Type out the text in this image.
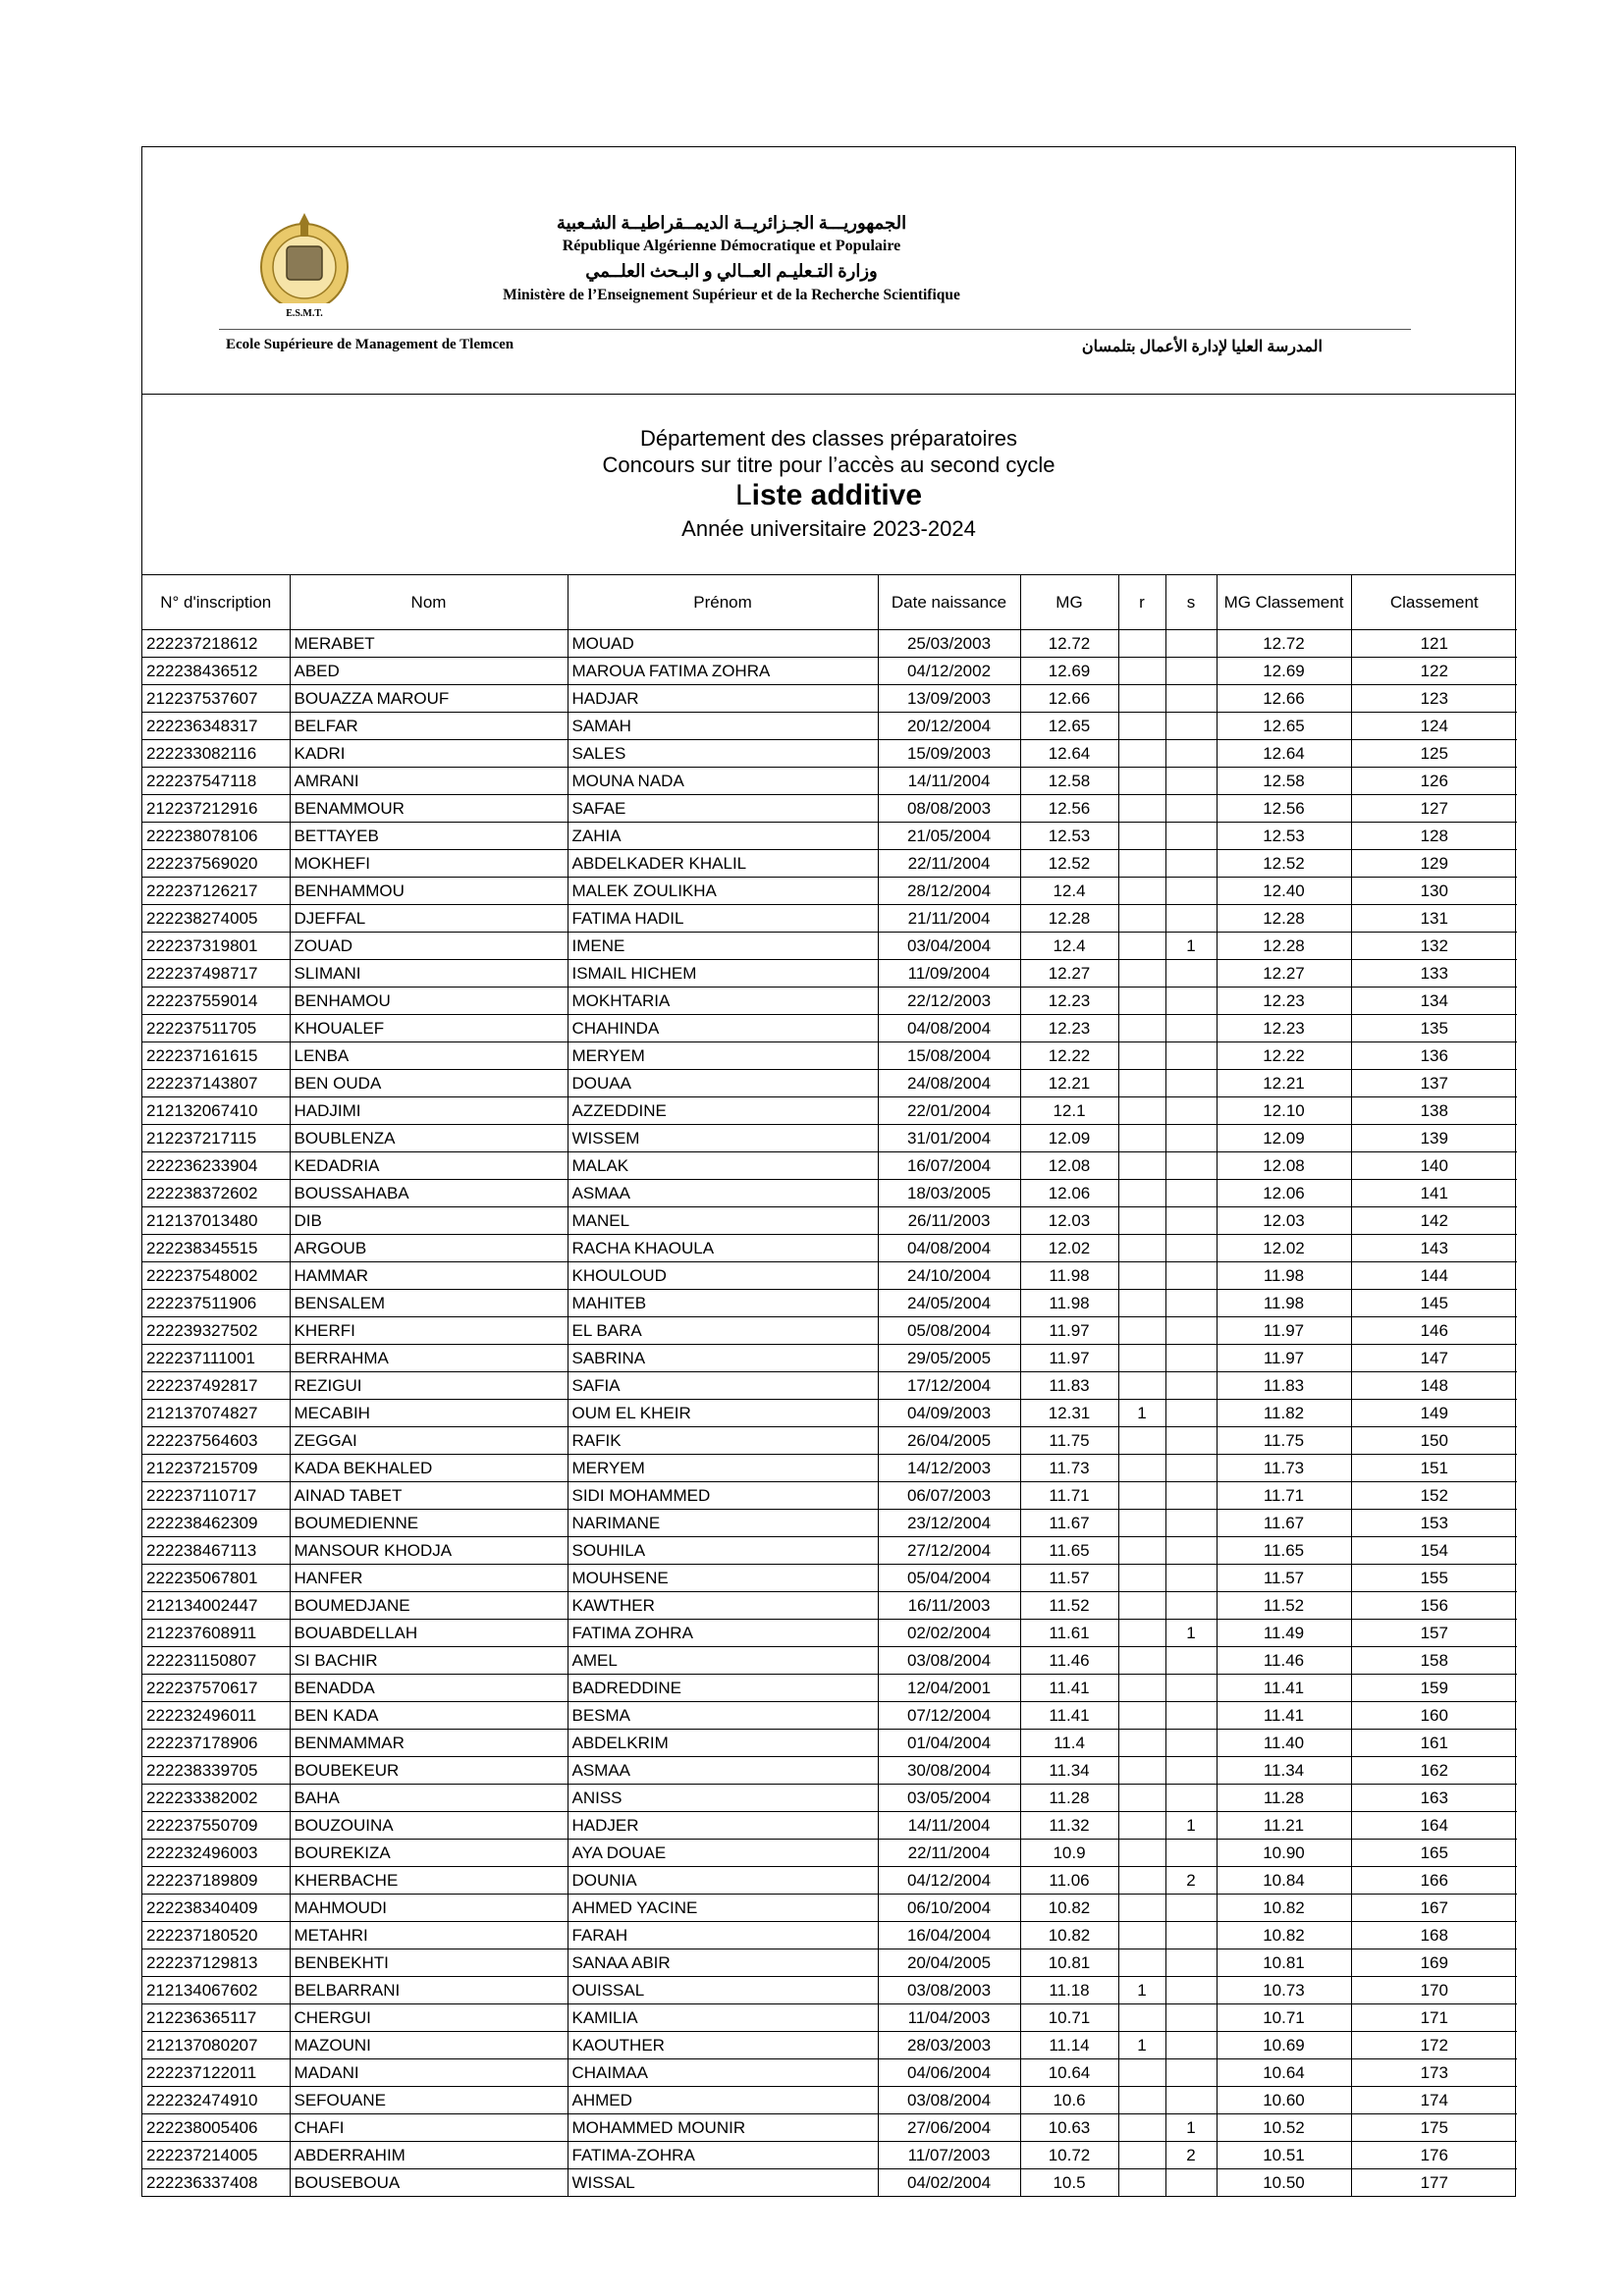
E.S.M.T.
الجمهوريـــة الجـزائريــة الديمــقراطيــة الشـعبية
République Algérienne Démocratique et Populaire
وزارة التـعليـم العــالي و البـحث العلــمي
Ministère de l’Enseignement Supérieur et de la Recherche Scientifique
Ecole Supérieure de Management de Tlemcen	المدرسة العليا لإدارة الأعمال بتلمسان
Département des classes préparatoires
Concours sur titre pour l’accès au second cycle
Liste additive
Année universitaire 2023-2024
N° d'inscription	Nom	Prénom	Date naissance	MG	r	s	MG Classement	Classement
222237218612	MERABET	MOUAD	25/03/2003	12.72			12.72	121
222238436512	ABED	MAROUA FATIMA ZOHRA	04/12/2002	12.69			12.69	122
212237537607	BOUAZZA MAROUF	HADJAR	13/09/2003	12.66			12.66	123
222236348317	BELFAR	SAMAH	20/12/2004	12.65			12.65	124
222233082116	KADRI	SALES	15/09/2003	12.64			12.64	125
222237547118	AMRANI	MOUNA NADA	14/11/2004	12.58			12.58	126
212237212916	BENAMMOUR	SAFAE	08/08/2003	12.56			12.56	127
222238078106	BETTAYEB	ZAHIA	21/05/2004	12.53			12.53	128
222237569020	MOKHEFI	ABDELKADER KHALIL	22/11/2004	12.52			12.52	129
222237126217	BENHAMMOU	MALEK ZOULIKHA	28/12/2004	12.4			12.40	130
222238274005	DJEFFAL	FATIMA HADIL	21/11/2004	12.28			12.28	131
222237319801	ZOUAD	IMENE	03/04/2004	12.4		1	12.28	132
222237498717	SLIMANI	ISMAIL HICHEM	11/09/2004	12.27			12.27	133
222237559014	BENHAMOU	MOKHTARIA	22/12/2003	12.23			12.23	134
222237511705	KHOUALEF	CHAHINDA	04/08/2004	12.23			12.23	135
222237161615	LENBA	MERYEM	15/08/2004	12.22			12.22	136
222237143807	BEN OUDA	DOUAA	24/08/2004	12.21			12.21	137
212132067410	HADJIMI	AZZEDDINE	22/01/2004	12.1			12.10	138
212237217115	BOUBLENZA	WISSEM	31/01/2004	12.09			12.09	139
222236233904	KEDADRIA	MALAK	16/07/2004	12.08			12.08	140
222238372602	BOUSSAHABA	ASMAA	18/03/2005	12.06			12.06	141
212137013480	DIB	MANEL	26/11/2003	12.03			12.03	142
222238345515	ARGOUB	RACHA KHAOULA	04/08/2004	12.02			12.02	143
222237548002	HAMMAR	KHOULOUD	24/10/2004	11.98			11.98	144
222237511906	BENSALEM	MAHITEB	24/05/2004	11.98			11.98	145
222239327502	KHERFI	EL BARA	05/08/2004	11.97			11.97	146
222237111001	BERRAHMA	SABRINA	29/05/2005	11.97			11.97	147
222237492817	REZIGUI	SAFIA	17/12/2004	11.83			11.83	148
212137074827	MECABIH	OUM EL KHEIR	04/09/2003	12.31	1		11.82	149
222237564603	ZEGGAI	RAFIK	26/04/2005	11.75			11.75	150
212237215709	KADA BEKHALED	MERYEM	14/12/2003	11.73			11.73	151
222237110717	AINAD TABET	SIDI MOHAMMED	06/07/2003	11.71			11.71	152
222238462309	BOUMEDIENNE	NARIMANE	23/12/2004	11.67			11.67	153
222238467113	MANSOUR KHODJA	SOUHILA	27/12/2004	11.65			11.65	154
222235067801	HANFER	MOUHSENE	05/04/2004	11.57			11.57	155
212134002447	BOUMEDJANE	KAWTHER	16/11/2003	11.52			11.52	156
212237608911	BOUABDELLAH	FATIMA ZOHRA	02/02/2004	11.61		1	11.49	157
222231150807	SI BACHIR	AMEL	03/08/2004	11.46			11.46	158
222237570617	BENADDA	BADREDDINE	12/04/2001	11.41			11.41	159
222232496011	BEN KADA	BESMA	07/12/2004	11.41			11.41	160
222237178906	BENMAMMAR	ABDELKRIM	01/04/2004	11.4			11.40	161
222238339705	BOUBEKEUR	ASMAA	30/08/2004	11.34			11.34	162
222233382002	BAHA	ANISS	03/05/2004	11.28			11.28	163
222237550709	BOUZOUINA	HADJER	14/11/2004	11.32		1	11.21	164
222232496003	BOUREKIZA	AYA DOUAE	22/11/2004	10.9			10.90	165
222237189809	KHERBACHE	DOUNIA	04/12/2004	11.06		2	10.84	166
222238340409	MAHMOUDI	AHMED YACINE	06/10/2004	10.82			10.82	167
222237180520	METAHRI	FARAH	16/04/2004	10.82			10.82	168
222237129813	BENBEKHTI	SANAA ABIR	20/04/2005	10.81			10.81	169
212134067602	BELBARRANI	OUISSAL	03/08/2003	11.18	1		10.73	170
212236365117	CHERGUI	KAMILIA	11/04/2003	10.71			10.71	171
212137080207	MAZOUNI	KAOUTHER	28/03/2003	11.14	1		10.69	172
222237122011	MADANI	CHAIMAA	04/06/2004	10.64			10.64	173
222232474910	SEFOUANE	AHMED	03/08/2004	10.6			10.60	174
222238005406	CHAFI	MOHAMMED MOUNIR	27/06/2004	10.63		1	10.52	175
222237214005	ABDERRAHIM	FATIMA-ZOHRA	11/07/2003	10.72		2	10.51	176
222236337408	BOUSEBOUA	WISSAL	04/02/2004	10.5			10.50	177
